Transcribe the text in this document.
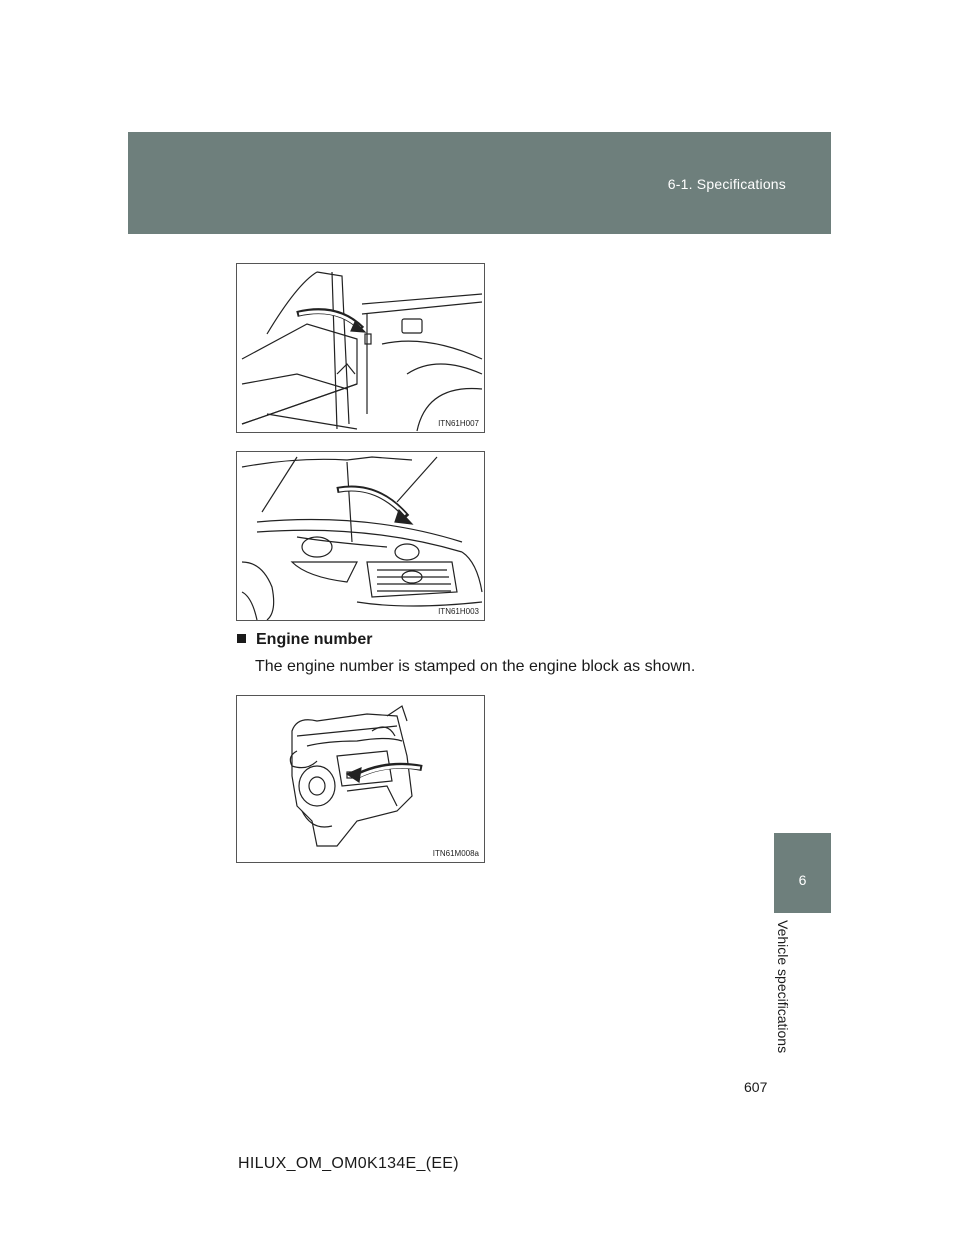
6-1. Specifications
6
Vehicle specifications
ITN61H007
ITN61H003
Engine number
The engine number is stamped on the engine block as shown.
ITN61M008a
607
HILUX_OM_OM0K134E_(EE)
